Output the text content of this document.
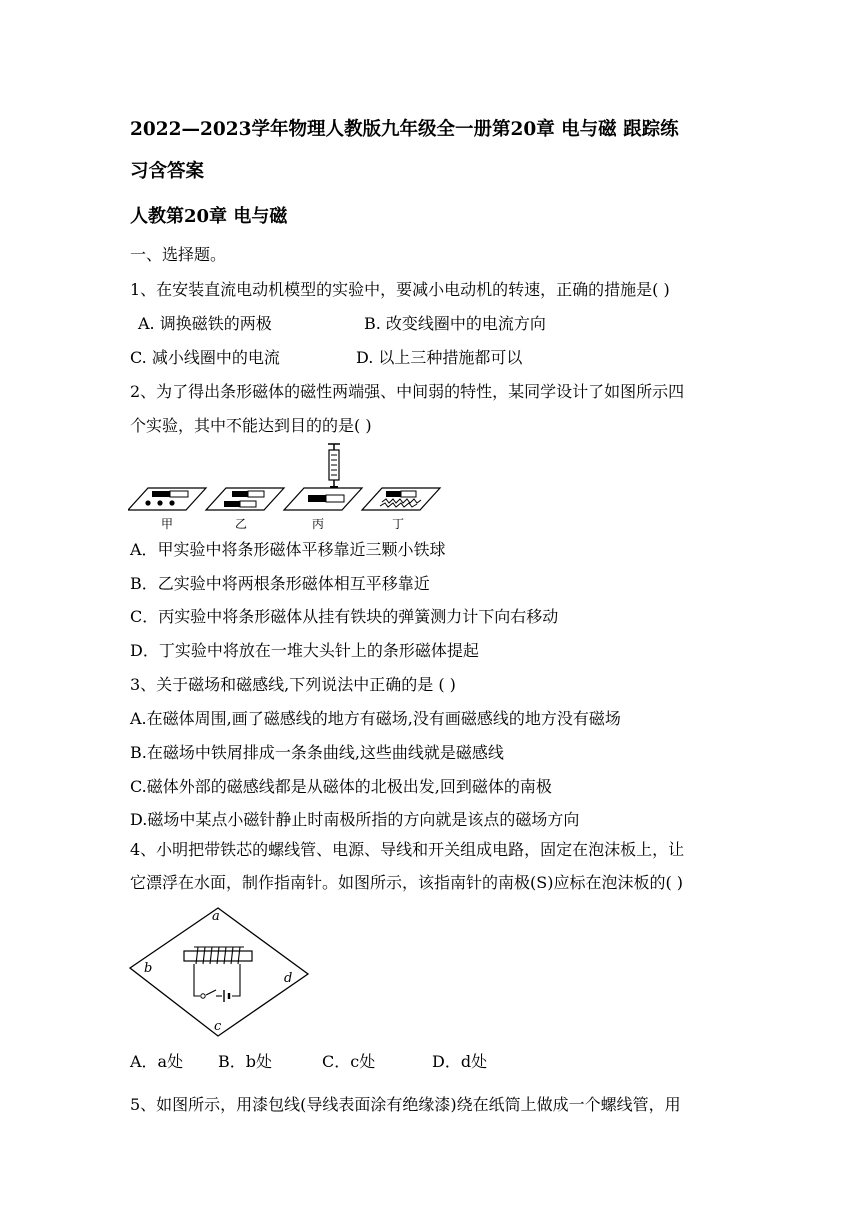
2022—2023学年物理人教版九年级全一册第20章 电与磁 跟踪练
习含答案
人教第20章 电与磁
一、选择题。
1、在安装直流电动机模型的实验中，要减小电动机的转速，正确的措施是( )
A. 调换磁铁的两极	B. 改变线圈中的电流方向
C. 减小线圈中的电流	D. 以上三种措施都可以
2、为了得出条形磁体的磁性两端强、中间弱的特性，某同学设计了如图所示四
个实验，其中不能达到目的的是( )
甲	乙	丙	丁
A．甲实验中将条形磁体平移靠近三颗小铁球
B．乙实验中将两根条形磁体相互平移靠近
C．丙实验中将条形磁体从挂有铁块的弹簧测力计下向右移动
D．丁实验中将放在一堆大头针上的条形磁体提起
3、关于磁场和磁感线,下列说法中正确的是 ( )
A.在磁体周围,画了磁感线的地方有磁场,没有画磁感线的地方没有磁场
B.在磁场中铁屑排成一条条曲线,这些曲线就是磁感线
C.磁体外部的磁感线都是从磁体的北极出发,回到磁体的南极
D.磁场中某点小磁针静止时南极所指的方向就是该点的磁场方向
4、小明把带铁芯的螺线管、电源、导线和开关组成电路，固定在泡沫板上，让
它漂浮在水面，制作指南针。如图所示，该指南针的南极(S)应标在泡沫板的( )
a
b
c
d
A．a处 B．b处	C．c处	D．d处
5、如图所示，用漆包线(导线表面涂有绝缘漆)绕在纸筒上做成一个螺线管，用
